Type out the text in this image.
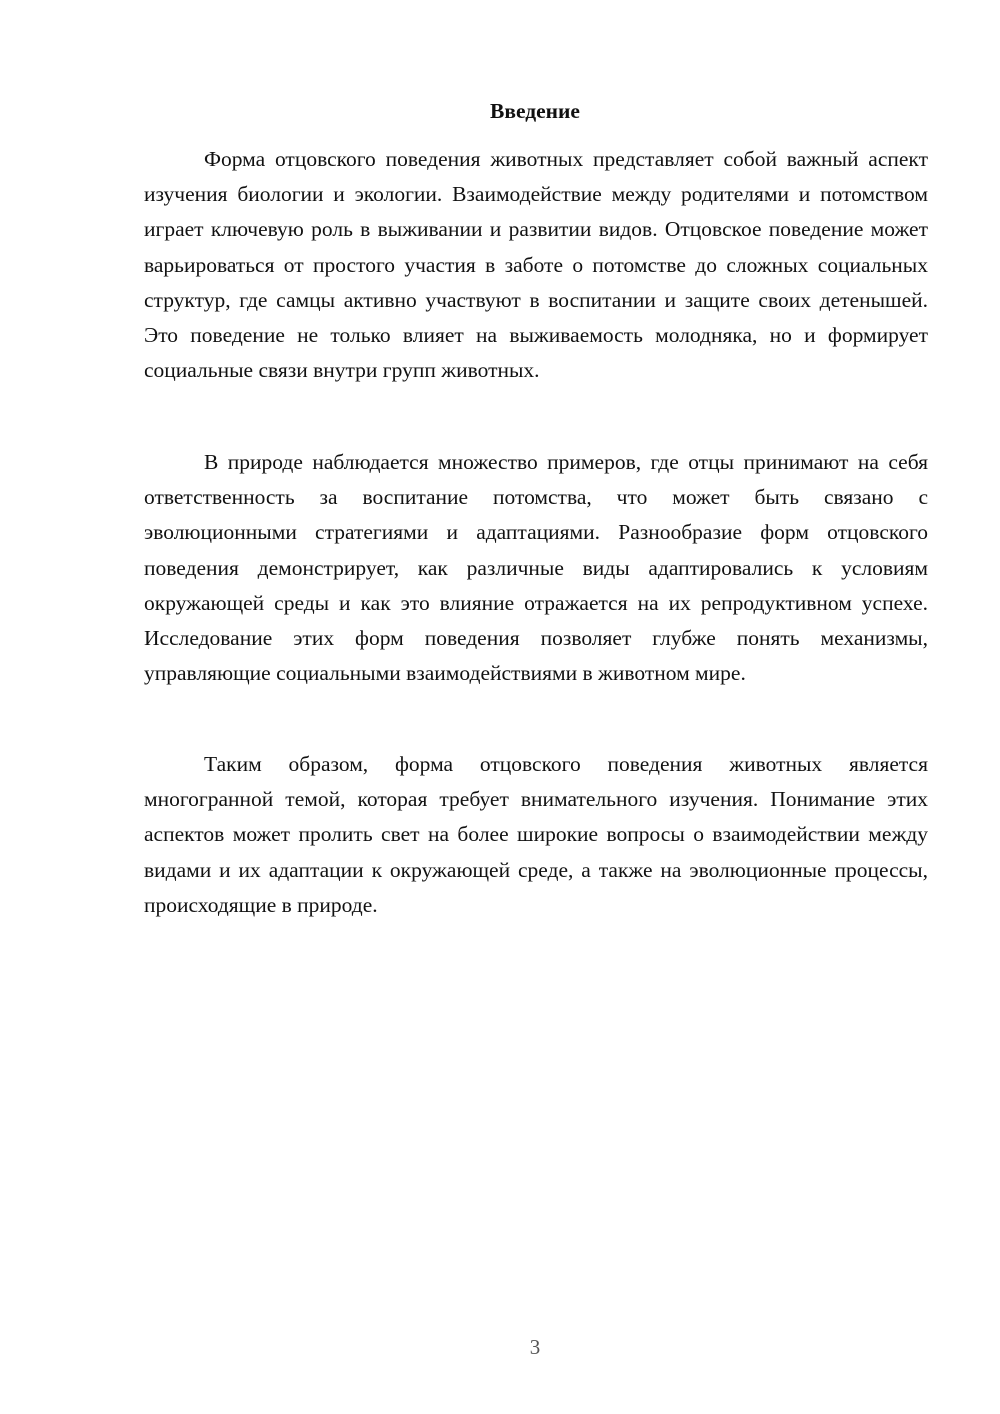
Введение

Форма отцовского поведения животных представляет собой важный аспект изучения биологии и экологии. Взаимодействие между родителями и потомством играет ключевую роль в выживании и развитии видов. Отцовское поведение может варьироваться от простого участия в заботе о потомстве до сложных социальных структур, где самцы активно участвуют в воспитании и защите своих детенышей. Это поведение не только влияет на выживаемость молодняка, но и формирует социальные связи внутри групп животных.

В природе наблюдается множество примеров, где отцы принимают на себя ответственность за воспитание потомства, что может быть связано с эволюционными стратегиями и адаптациями. Разнообразие форм отцовского поведения демонстрирует, как различные виды адаптировались к условиям окружающей среды и как это влияние отражается на их репродуктивном успехе. Исследование этих форм поведения позволяет глубже понять механизмы, управляющие социальными взаимодействиями в животном мире.

Таким образом, форма отцовского поведения животных является многогранной темой, которая требует внимательного изучения. Понимание этих аспектов может пролить свет на более широкие вопросы о взаимодействии между видами и их адаптации к окружающей среде, а также на эволюционные процессы, происходящие в природе.

3
